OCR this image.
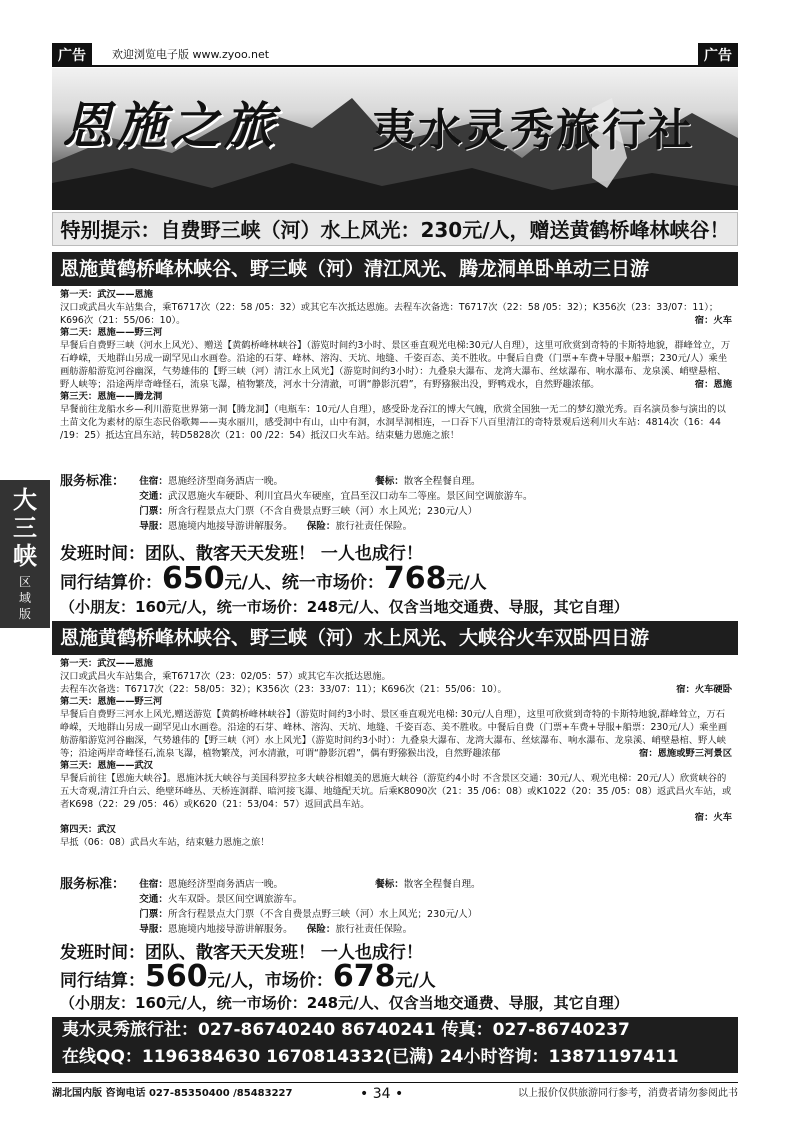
广告	欢迎浏览电子版 www.zyoo.net	广告
恩施之旅 夷水灵秀旅行社
特别提示：自费野三峡（河）水上风光：230元/人，赠送黄鹤桥峰林峡谷！
恩施黄鹤桥峰林峡谷、野三峡（河）清江风光、腾龙洞单卧单动三日游

第一天：武汉——恩施

汉口或武昌火车站集合，乘T6717次（22：58 /05：32）或其它车次抵达恩施。去程车次备选：T6717次（22：58 /05：32）；K356次（23：33/07：11）；K696次（21：55/06：10）。	宿：火车

第二天：恩施——野三河

早餐后自费野三峡（河水上风光）、赠送【黄鹤桥峰林峡谷】（游览时间约3小时、景区垂直观光电梯:30元/人自理），这里可欣赏到奇特的卡斯特地貌，群峰耸立，万石峥嵘，天地群山另成一副罕见山水画卷。沿途的石芽、峰林、溶沟、天坑、地缝、千姿百态、美不胜收。中餐后自费（门票+车费+导服+船票；230元/人）乘坐画舫游船游览河谷幽深，气势雄伟的【野三峡（河）清江水上风光】（游览时间约3小时）：九叠泉大瀑布、龙湾大瀑布、丝炫瀑布、响水瀑布、龙泉溪、峭壁悬棺、野人峡等；沿途两岸奇峰怪石，流泉飞瀑，植物繁茂，河水十分清澈，可谓“静影沉碧”，有野猕猴出没，野鸭戏水，自然野趣浓郁。	宿：恩施

第三天：恩施——腾龙洞

早餐前往龙船水乡—利川游览世界第一洞【腾龙洞】（电瓶车：10元/人自理），感受卧龙吞江的博大气魄，欣赏全国独一无二的梦幻激光秀。百名演员参与演出的以土苗文化为素材的原生态民俗歌舞——夷水丽川，感受洞中有山，山中有洞，水洞旱洞相连，一口吞下八百里清江的奇特景观后送利川火车站：4814次（16：44 /19：25）抵达宜昌东站，转D5828次（21：00 /22：54）抵汉口火车站。结束魅力恩施之旅！

服务标准：	住宿：恩施经济型商务酒店一晚。	餐标：散客全程餐自理。
交通：武汉恩施火车硬卧、利川宜昌火车硬座，宜昌至汉口动车二等座。景区间空调旅游车。
门票：所含行程景点大门票（不含自费景点野三峡（河）水上风光；230元/人）
导服：恩施境内地接导游讲解服务。 保险：旅行社责任保险。
发班时间：团队、散客天天发班！ 一人也成行！
同行结算价：650元/人、统一市场价：768元/人
（小朋友：160元/人，统一市场价：248元/人、仅含当地交通费、导服，其它自理）
恩施黄鹤桥峰林峡谷、野三峡（河）水上风光、大峡谷火车双卧四日游

第一天：武汉——恩施

汉口或武昌火车站集合，乘T6717次（23：02/05：57）或其它车次抵达恩施。

去程车次备选：T6717次（22：58/05：32）；K356次（23：33/07：11）；K696次（21：55/06：10）。	宿：火车硬卧

第二天：恩施——野三河

早餐后自费野三河水上风光,赠送游览【黄鹤桥峰林峡谷】（游览时间约3小时、景区垂直观光电梯: 30元/人自理），这里可欣赏到奇特的卡斯特地貌,群峰耸立，万石峥嵘，天地群山另成一副罕见山水画卷。沿途的石芽、峰林、溶沟、天坑、地缝、千姿百态、美不胜收。中餐后自费（门票+车费+导服+船票：230元/人）乘坐画舫游船游览河谷幽深，气势雄伟的【野三峡（河）水上风光】（游览时间约3小时）：九叠泉大瀑布、龙湾大瀑布、丝炫瀑布、响水瀑布、龙泉溪、峭壁悬棺、野人峡等；沿途两岸奇峰怪石,流泉飞瀑，植物繁茂，河水清澈，可谓“静影沉碧”，偶有野猕猴出没，自然野趣浓郁	宿：恩施或野三河景区

第三天：恩施——武汉

早餐后前往【恩施大峡谷】。恩施沐抚大峡谷与美国科罗拉多大峡谷相媲美的恩施大峡谷（游览约4小时 不含景区交通：30元/人、观光电梯：20元/人）欣赏峡谷的五大奇观,清江升白云、绝壁环峰丛、天桥连洞群、暗河接飞瀑、地缝配天坑。后乘K8090次（21：35 /06：08）或K1022（20：35 /05：08）返武昌火车站，或者K698（22：29 /05：46）或K620（21：53/04：57）返回武昌车站。

宿：火车

第四天：武汉

早抵（06：08）武昌火车站，结束魅力恩施之旅！

服务标准：	住宿：恩施经济型商务酒店一晚。	餐标：散客全程餐自理。
交通：火车双卧。景区间空调旅游车。
门票：所含行程景点大门票（不含自费景点野三峡（河）水上风光；230元/人）
导服：恩施境内地接导游讲解服务。 保险：旅行社责任保险。
发班时间：团队、散客天天发班！ 一人也成行！
同行结算：560元/人，市场价：678元/人
（小朋友：160元/人，统一市场价：248元/人、仅含当地交通费、导服，其它自理）
大
三
峡
区
域
版
夷水灵秀旅行社：027-86740240 86740241 传真：027-86740237
在线QQ：1196384630 1670814332(已满) 24小时咨询：13871197411
湖北国内版 咨询电话 027-85350400 /85483227	• 34 •	以上报价仅供旅游同行参考，消费者请勿参阅此书
